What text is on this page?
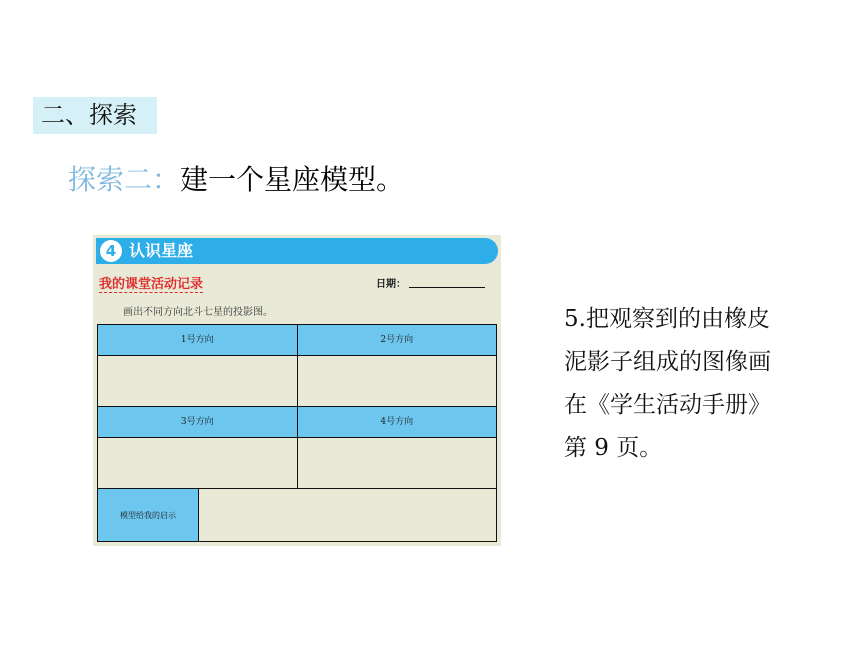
二、探索
探索二：建一个星座模型。
4 认识星座
我的课堂活动记录	日期：
画出不同方向北斗七星的投影图。
1号方向	2号方向
3号方向	4号方向
模型给我的启示
5.把观察到的由橡皮
泥影子组成的图像画
在《学生活动手册》
第 9 页。
